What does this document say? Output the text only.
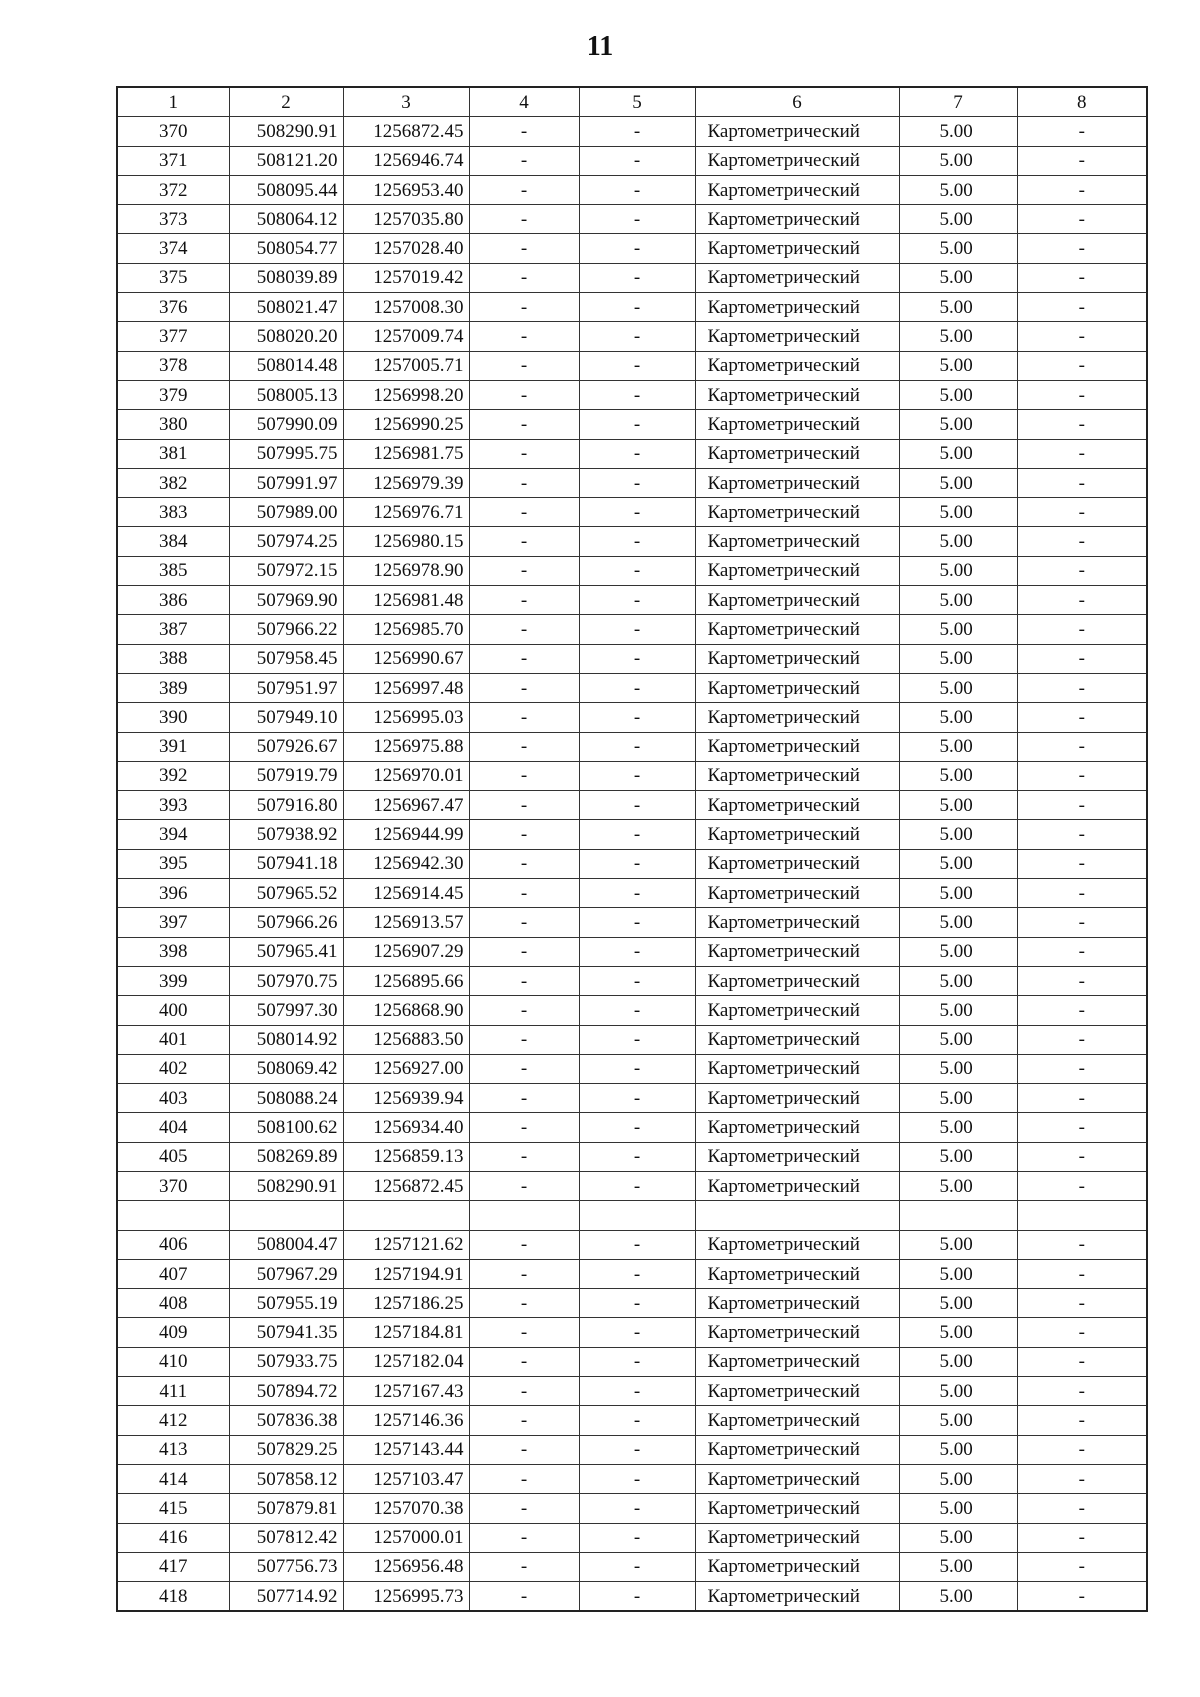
11
1	2	3	4	5	6	7	8
370	508290.91	1256872.45	-	-	Картометрический	5.00	-
371	508121.20	1256946.74	-	-	Картометрический	5.00	-
372	508095.44	1256953.40	-	-	Картометрический	5.00	-
373	508064.12	1257035.80	-	-	Картометрический	5.00	-
374	508054.77	1257028.40	-	-	Картометрический	5.00	-
375	508039.89	1257019.42	-	-	Картометрический	5.00	-
376	508021.47	1257008.30	-	-	Картометрический	5.00	-
377	508020.20	1257009.74	-	-	Картометрический	5.00	-
378	508014.48	1257005.71	-	-	Картометрический	5.00	-
379	508005.13	1256998.20	-	-	Картометрический	5.00	-
380	507990.09	1256990.25	-	-	Картометрический	5.00	-
381	507995.75	1256981.75	-	-	Картометрический	5.00	-
382	507991.97	1256979.39	-	-	Картометрический	5.00	-
383	507989.00	1256976.71	-	-	Картометрический	5.00	-
384	507974.25	1256980.15	-	-	Картометрический	5.00	-
385	507972.15	1256978.90	-	-	Картометрический	5.00	-
386	507969.90	1256981.48	-	-	Картометрический	5.00	-
387	507966.22	1256985.70	-	-	Картометрический	5.00	-
388	507958.45	1256990.67	-	-	Картометрический	5.00	-
389	507951.97	1256997.48	-	-	Картометрический	5.00	-
390	507949.10	1256995.03	-	-	Картометрический	5.00	-
391	507926.67	1256975.88	-	-	Картометрический	5.00	-
392	507919.79	1256970.01	-	-	Картометрический	5.00	-
393	507916.80	1256967.47	-	-	Картометрический	5.00	-
394	507938.92	1256944.99	-	-	Картометрический	5.00	-
395	507941.18	1256942.30	-	-	Картометрический	5.00	-
396	507965.52	1256914.45	-	-	Картометрический	5.00	-
397	507966.26	1256913.57	-	-	Картометрический	5.00	-
398	507965.41	1256907.29	-	-	Картометрический	5.00	-
399	507970.75	1256895.66	-	-	Картометрический	5.00	-
400	507997.30	1256868.90	-	-	Картометрический	5.00	-
401	508014.92	1256883.50	-	-	Картометрический	5.00	-
402	508069.42	1256927.00	-	-	Картометрический	5.00	-
403	508088.24	1256939.94	-	-	Картометрический	5.00	-
404	508100.62	1256934.40	-	-	Картометрический	5.00	-
405	508269.89	1256859.13	-	-	Картометрический	5.00	-
370	508290.91	1256872.45	-	-	Картометрический	5.00	-

406	508004.47	1257121.62	-	-	Картометрический	5.00	-
407	507967.29	1257194.91	-	-	Картометрический	5.00	-
408	507955.19	1257186.25	-	-	Картометрический	5.00	-
409	507941.35	1257184.81	-	-	Картометрический	5.00	-
410	507933.75	1257182.04	-	-	Картометрический	5.00	-
411	507894.72	1257167.43	-	-	Картометрический	5.00	-
412	507836.38	1257146.36	-	-	Картометрический	5.00	-
413	507829.25	1257143.44	-	-	Картометрический	5.00	-
414	507858.12	1257103.47	-	-	Картометрический	5.00	-
415	507879.81	1257070.38	-	-	Картометрический	5.00	-
416	507812.42	1257000.01	-	-	Картометрический	5.00	-
417	507756.73	1256956.48	-	-	Картометрический	5.00	-
418	507714.92	1256995.73	-	-	Картометрический	5.00	-
